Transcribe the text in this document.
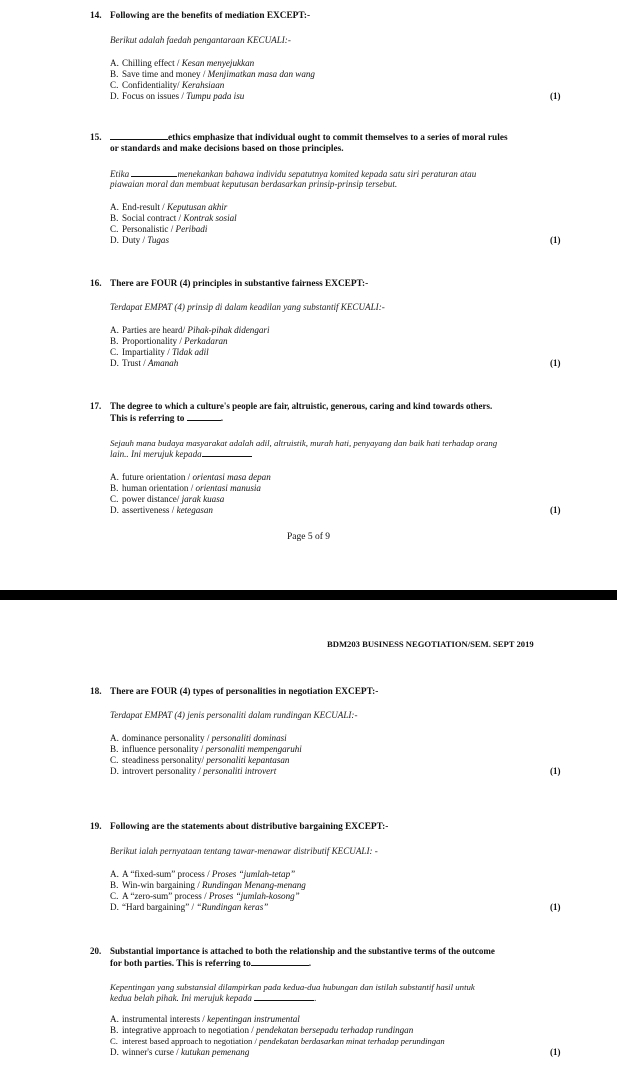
14. Following are the benefits of mediation EXCEPT:-
Berikut adalah faedah pengantaraan KECUALI:-
A. Chilling effect / Kesan menyejukkan
B. Save time and money / Menjimatkan masa dan wang
C. Confidentiality/ Kerahsiaan
D. Focus on issues / Tumpu pada isu	(1)
15.	ethics emphasize that individual ought to commit themselves to a series of moral rules
or standards and make decisions based on those principles.
Etika	menekankan bahawa individu sepatutnya komited kepada satu siri peraturan atau
piawaian moral dan membuat keputusan berdasarkan prinsip-prinsip tersebut.
A. End-result / Keputusan akhir
B. Social contract / Kontrak sosial
C. Personalistic / Peribadi
D. Duty / Tugas	(1)
16. There are FOUR (4) principles in substantive fairness EXCEPT:-
Terdapat EMPAT (4) prinsip di dalam keadilan yang substantif KECUALI:-
A. Parties are heard/ Pihak-pihak didengari
B. Proportionality / Perkadaran
C. Impartiality / Tidak adil
D. Trust / Amanah	(1)
17. The degree to which a culture's people are fair, altruistic, generous, caring and kind towards others.
This is referring to	.
Sejauh mana budaya masyarakat adalah adil, altruistik, murah hati, penyayang dan baik hati terhadap orang
lain.. Ini merujuk kepada
A. future orientation / orientasi masa depan
B. human orientation / orientasi manusia
C. power distance/ jarak kuasa
D. assertiveness / ketegasan	(1)
Page 5 of 9
BDM203 BUSINESS NEGOTIATION/SEM. SEPT 2019
18. There are FOUR (4) types of personalities in negotiation EXCEPT:-
Terdapat EMPAT (4) jenis personaliti dalam rundingan KECUALI:-
A. dominance personality / personaliti dominasi
B. influence personality / personaliti mempengaruhi
C. steadiness personality/ personaliti kepantasan
D. introvert personality / personaliti introvert	(1)
19. Following are the statements about distributive bargaining EXCEPT:-
Berikut ialah pernyataan tentang tawar-menawar distributif KECUALI: -
A. A “fixed-sum” process / Proses “jumlah-tetap”
B. Win-win bargaining / Rundingan Menang-menang
C. A “zero-sum” process / Proses “jumlah-kosong”
D. “Hard bargaining” / “Rundingan keras”	(1)
20. Substantial importance is attached to both the relationship and the substantive terms of the outcome
for both parties. This is referring to	.
Kepentingan yang substansial dilampirkan pada kedua-dua hubungan dan istilah substantif hasil untuk
kedua belah pihak. Ini merujuk kepada	.
A. instrumental interests / kepentingan instrumental
B. integrative approach to negotiation / pendekatan bersepadu terhadap rundingan
C. interest based approach to negotiation / pendekatan berdasarkan minat terhadap perundingan
D. winner's curse / kutukan pemenang	(1)
